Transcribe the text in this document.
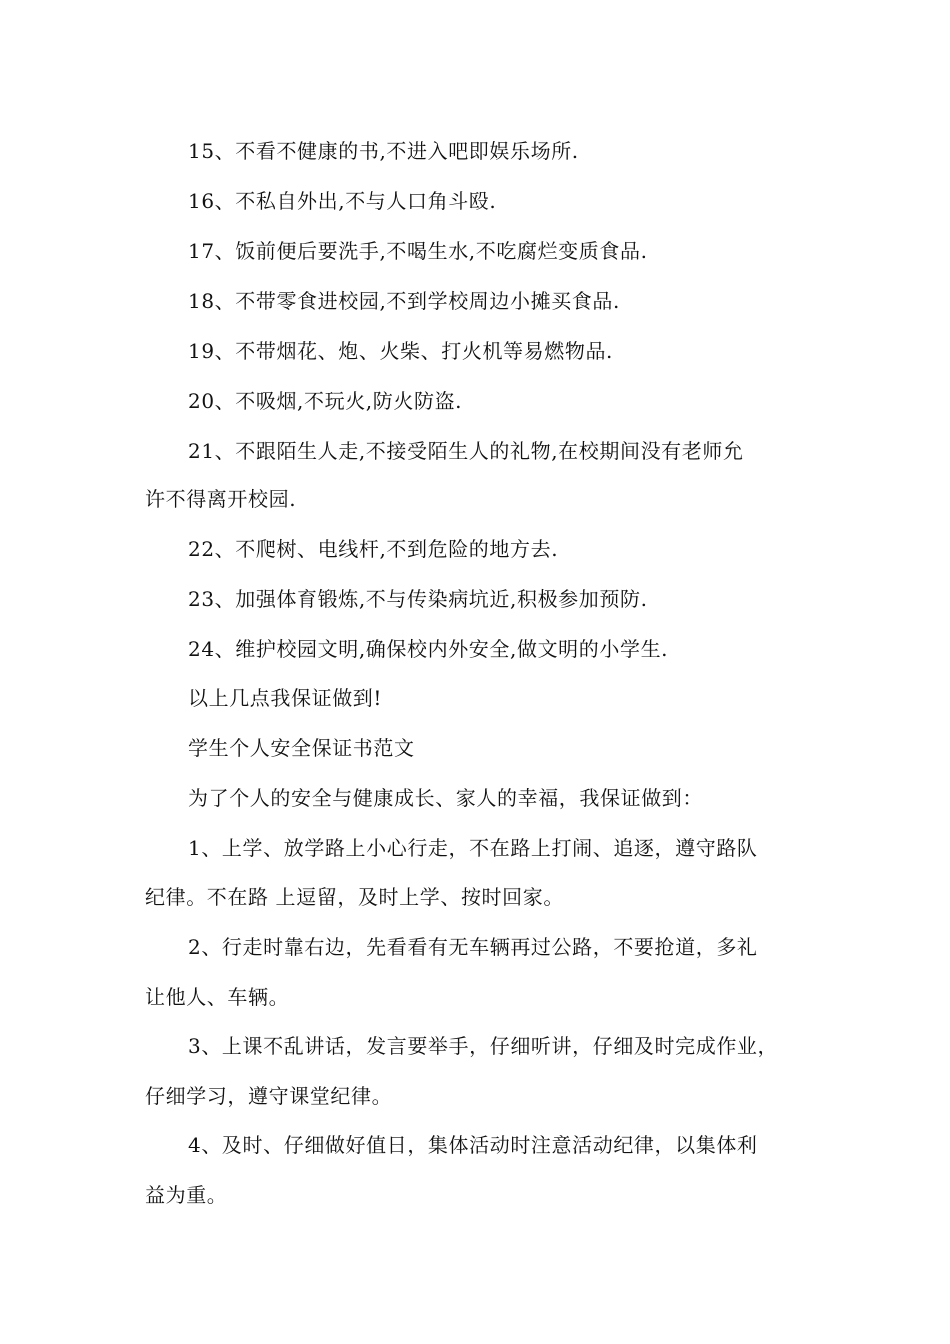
15、不看不健康的书,不进入吧即娱乐场所.
16、不私自外出,不与人口角斗殴.
17、饭前便后要洗手,不喝生水,不吃腐烂变质食品.
18、不带零食进校园,不到学校周边小摊买食品.
19、不带烟花、炮、火柴、打火机等易燃物品.
20、不吸烟,不玩火,防火防盗.
21、不跟陌生人走,不接受陌生人的礼物,在校期间没有老师允
许不得离开校园.
22、不爬树、电线杆,不到危险的地方去.
23、加强体育锻炼,不与传染病坑近,积极参加预防.
24、维护校园文明,确保校内外安全,做文明的小学生.
以上几点我保证做到!
学生个人安全保证书范文
为了个人的安全与健康成长、家人的幸福，我保证做到：
1、上学、放学路上小心行走，不在路上打闹、追逐，遵守路队
纪律。不在路 上逗留，及时上学、按时回家。
2、行走时靠右边，先看看有无车辆再过公路，不要抢道，多礼
让他人、车辆。
3、上课不乱讲话，发言要举手，仔细听讲，仔细及时完成作业，
仔细学习，遵守课堂纪律。
4、及时、仔细做好值日，集体活动时注意活动纪律，以集体利
益为重。
